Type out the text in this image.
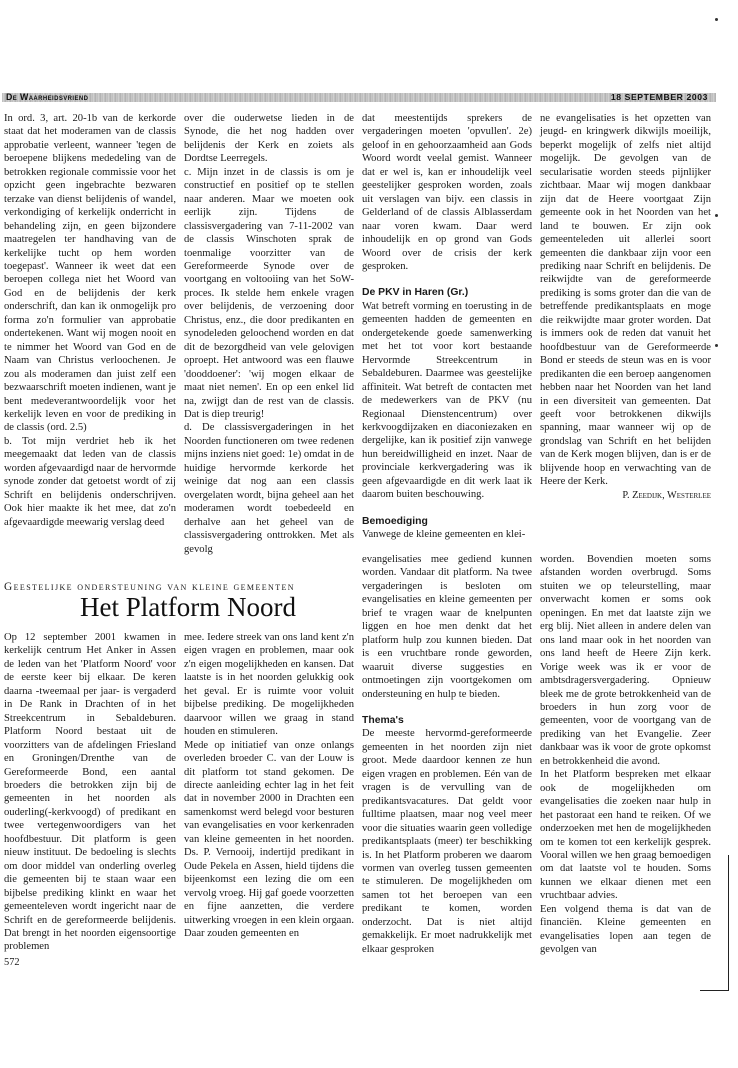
De Waarheidsvriend	18 SEPTEMBER 2003

In ord. 3, art. 20-1b van de kerkorde staat dat het moderamen van de classis approbatie verleent, wanneer 'tegen de beroepene blijkens mededeling van de betrokken regionale commissie voor het opzicht geen ingebrachte bezwaren terzake van dienst belijdenis of wandel, verkondiging of kerkelijk onderricht in behandeling zijn, en geen bijzondere maatregelen ter handhaving van de kerkelijke tucht op hem worden toegepast'. Wanneer ik weet dat een beroepen collega niet het Woord van God en de belijdenis der kerk onderschrift, dan kan ik onmogelijk pro forma zo'n formulier van approbatie ondertekenen. Want wij mogen nooit en te nimmer het Woord van God en de Naam van Christus verloochenen. Je zou als moderamen dan juist zelf een bezwaarschrift moeten indienen, want je bent medeverantwoordelijk voor het kerkelijk leven en voor de prediking in de classis (ord. 2.5)

b. Tot mijn verdriet heb ik het meegemaakt dat leden van de classis worden afgevaardigd naar de hervormde synode zonder dat getoetst wordt of zij Schrift en belijdenis onderschrijven. Ook hier maakte ik het mee, dat zo'n afgevaardigde meewarig verslag deed

over die ouderwetse lieden in de Synode, die het nog hadden over belijdenis der Kerk en zoiets als Dordtse Leerregels.

c. Mijn inzet in de classis is om je constructief en positief op te stellen naar anderen. Maar we moeten ook eerlijk zijn. Tijdens de classisvergadering van 7-11-2002 van de classis Winschoten sprak de toenmalige voorzitter van de Gereformeerde Synode over de voortgang en voltooiing van het SoW-proces. Ik stelde hem enkele vragen over belijdenis, de verzoening door Christus, enz., die door predikanten en synodeleden geloochend worden en dat dit de bezorgdheid van vele gelovigen oproept. Het antwoord was een flauwe 'dooddoener': 'wij mogen elkaar de maat niet nemen'. En op een enkel lid na, zwijgt dan de rest van de classis. Dat is diep treurig!

d. De classisvergaderingen in het Noorden functioneren om twee redenen mijns inziens niet goed: 1e) omdat in de huidige hervormde kerkorde het weinige dat nog aan een classis overgelaten wordt, bijna geheel aan het moderamen wordt toebedeeld en derhalve aan het geheel van de classisvergadering onttrokken. Met als gevolg

dat meestentijds sprekers de vergaderingen moeten 'opvullen'. 2e) geloof in en gehoorzaamheid aan Gods Woord wordt veelal gemist. Wanneer dat er wel is, kan er inhoudelijk veel geestelijker gesproken worden, zoals uit verslagen van bijv. een classis in Gelderland of de classis Alblasserdam naar voren kwam. Daar werd inhoudelijk en op grond van Gods Woord over de crisis der kerk gesproken.

De PKV in Haren (Gr.)

Wat betreft vorming en toerusting in de gemeenten hadden de gemeenten en ondergetekende goede samenwerking met het tot voor kort bestaande Hervormde Streekcentrum in Sebaldeburen. Daarmee was geestelijke affiniteit. Wat betreft de contacten met de medewerkers van de PKV (nu Regionaal Dienstencentrum) over kerkvoogdijzaken en diaconiezaken en dergelijke, kan ik positief zijn vanwege hun bereidwilligheid en inzet. Naar de provinciale kerkvergadering was ik geen afgevaardigde en dit werk laat ik daarom buiten beschouwing.

Bemoediging

Vanwege de kleine gemeenten en klei-

ne evangelisaties is het opzetten van jeugd- en kringwerk dikwijls moeilijk, beperkt mogelijk of zelfs niet altijd mogelijk. De gevolgen van de secularisatie worden steeds pijnlijker zichtbaar. Maar wij mogen dankbaar zijn dat de Heere voortgaat Zijn gemeente ook in het Noorden van het land te bouwen. Er zijn ook gemeenteleden uit allerlei soort gemeenten die dankbaar zijn voor een prediking naar Schrift en belijdenis. De reikwijdte van de gereformeerde prediking is soms groter dan die van de betreffende predikantsplaats en moge die reikwijdte maar groter worden. Dat is immers ook de reden dat vanuit het hoofdbestuur van de Gereformeerde Bond er steeds de steun was en is voor predikanten die een beroep aangenomen hebben naar het Noorden van het land in een diversiteit van gemeenten. Dat geeft voor betrokkenen dikwijls spanning, maar wanneer wij op de grondslag van Schrift en het belijden van de Kerk mogen blijven, dan is er de blijvende hoop en verwachting van de Heere der Kerk.

P. Zeedijk, Westerlee

Geestelijke ondersteuning van kleine gemeenten
Het Platform Noord

Op 12 september 2001 kwamen in kerkelijk centrum Het Anker in Assen de leden van het 'Platform Noord' voor de eerste keer bij elkaar. De keren daarna -tweemaal per jaar- is vergaderd in De Rank in Drachten of in het Streekcentrum in Sebaldeburen. Platform Noord bestaat uit de voorzitters van de afdelingen Friesland en Groningen/Drenthe van de Gereformeerde Bond, een aantal broeders die betrokken zijn bij de gemeenten in het noorden als ouderling(-kerkvoogd) of predikant en twee vertegenwoordigers van het hoofdbestuur. Dit platform is geen nieuw instituut. De bedoeling is slechts om door middel van onderling overleg die gemeenten bij te staan waar een bijbelse prediking klinkt en waar het gemeenteleven wordt ingericht naar de Schrift en de gereformeerde belijdenis. Dat brengt in het noorden eigensoortige problemen

mee. Iedere streek van ons land kent z'n eigen vragen en problemen, maar ook z'n eigen mogelijkheden en kansen. Dat laatste is in het noorden gelukkig ook het geval. Er is ruimte voor voluit bijbelse prediking. De mogelijkheden daarvoor willen we graag in stand houden en stimuleren.

Mede op initiatief van onze onlangs overleden broeder C. van der Louw is dit platform tot stand gekomen. De directe aanleiding echter lag in het feit dat in november 2000 in Drachten een samenkomst werd belegd voor besturen van evangelisaties en voor kerkenraden van kleine gemeenten in het noorden. Ds. P. Vernooij, indertijd predikant in Oude Pekela en Assen, hield tijdens die bijeenkomst een lezing die om een vervolg vroeg. Hij gaf goede voorzetten en fijne aanzetten, die verdere uitwerking vroegen in een klein orgaan. Daar zouden gemeenten en

evangelisaties mee gediend kunnen worden. Vandaar dit platform. Na twee vergaderingen is besloten om evangelisaties en kleine gemeenten per brief te vragen waar de knelpunten liggen en hoe men denkt dat het platform hulp zou kunnen bieden. Dat is een vruchtbare ronde geworden, waaruit diverse suggesties en ontmoetingen zijn voortgekomen om ondersteuning en hulp te bieden.

Thema's

De meeste hervormd-gereformeerde gemeenten in het noorden zijn niet groot. Mede daardoor kennen ze hun eigen vragen en problemen. Eén van de vragen is de vervulling van de predikantsvacatures. Dat geldt voor fulltime plaatsen, maar nog veel meer voor die situaties waarin geen volledige predikantsplaats (meer) ter beschikking is. In het Platform proberen we daarom vormen van overleg tussen gemeenten te stimuleren. De mogelijkheden om samen tot het beroepen van een predikant te komen, worden onderzocht. Dat is niet altijd gemakkelijk. Er moet nadrukkelijk met elkaar gesproken

worden. Bovendien moeten soms afstanden worden overbrugd. Soms stuiten we op teleurstelling, maar onverwacht komen er soms ook openingen. En met dat laatste zijn we erg blij. Niet alleen in andere delen van ons land maar ook in het noorden van ons land heeft de Heere Zijn kerk. Vorige week was ik er voor de ambtsdragersvergadering. Opnieuw bleek me de grote betrokkenheid van de broeders in hun zorg voor de gemeenten, voor de voortgang van de prediking van het Evangelie. Zeer dankbaar was ik voor de grote opkomst en betrokkenheid die avond.

In het Platform bespreken met elkaar ook de mogelijkheden om evangelisaties die zoeken naar hulp in het pastoraat een hand te reiken. Of we onderzoeken met hen de mogelijkheden om te komen tot een kerkelijk gesprek. Vooral willen we hen graag bemoedigen om dat laatste vol te houden. Soms kunnen we elkaar dienen met een vruchtbaar advies.

Een volgend thema is dat van de financiën. Kleine gemeenten en evangelisaties lopen aan tegen de gevolgen van

572
